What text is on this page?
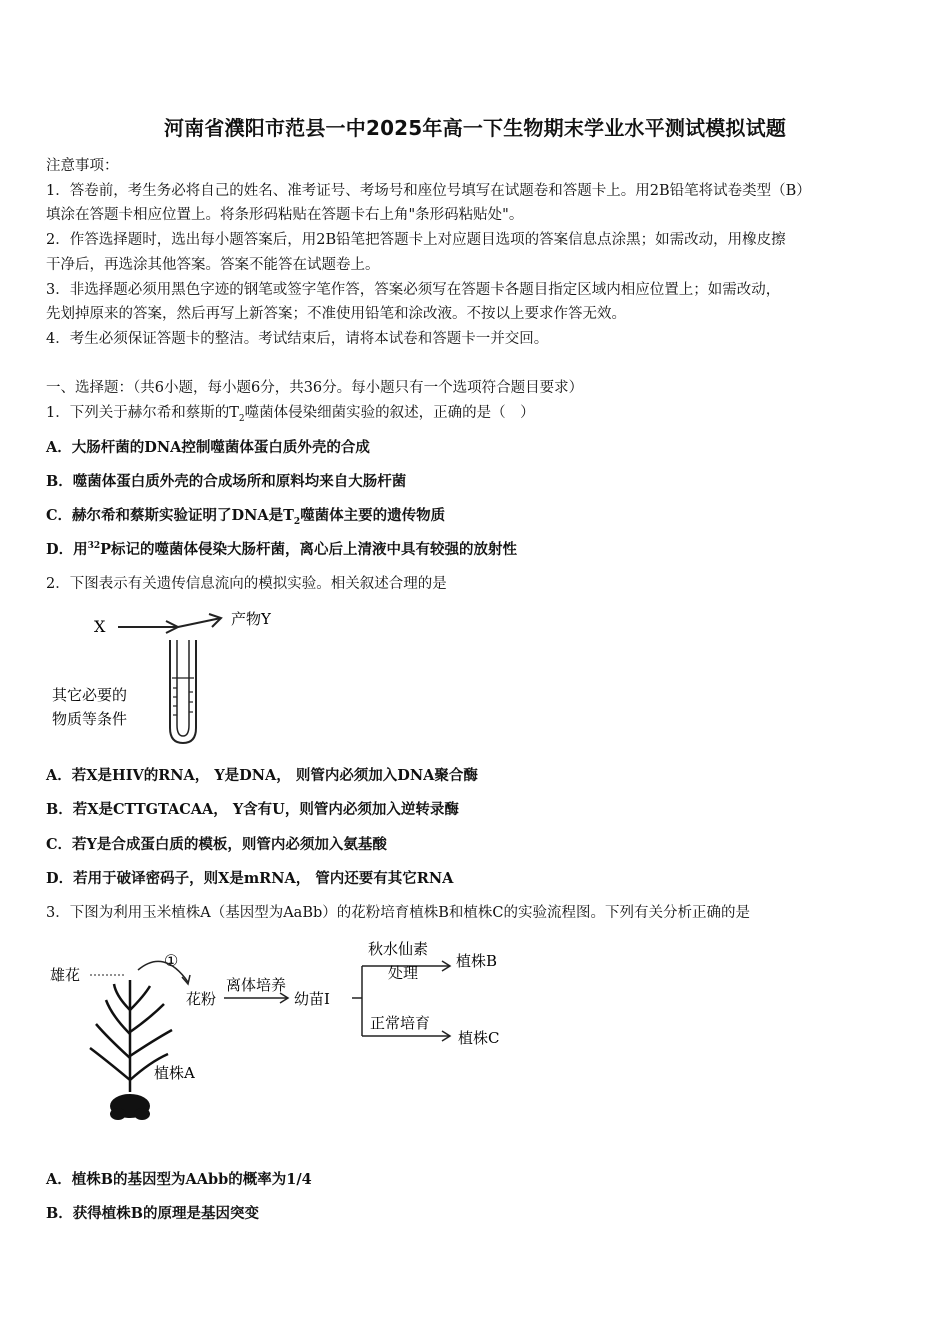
河南省濮阳市范县一中2025年高一下生物期末学业水平测试模拟试题
注意事项：
1．答卷前，考生务必将自己的姓名、准考证号、考场号和座位号填写在试题卷和答题卡上。用2B铅笔将试卷类型（B）
填涂在答题卡相应位置上。将条形码粘贴在答题卡右上角"条形码粘贴处"。
2．作答选择题时，选出每小题答案后，用2B铅笔把答题卡上对应题目选项的答案信息点涂黑；如需改动，用橡皮擦
干净后，再选涂其他答案。答案不能答在试题卷上。
3．非选择题必须用黑色字迹的钢笔或签字笔作答，答案必须写在答题卡各题目指定区域内相应位置上；如需改动，
先划掉原来的答案，然后再写上新答案；不准使用铅笔和涂改液。不按以上要求作答无效。
4．考生必须保证答题卡的整洁。考试结束后，请将本试卷和答题卡一并交回。
一、选择题：（共6小题，每小题6分，共36分。每小题只有一个选项符合题目要求）
1．下列关于赫尔希和蔡斯的$T_2$噬菌体侵染细菌实验的叙述，正确的是（　）
A．大肠杆菌的DNA控制噬菌体蛋白质外壳的合成
B．噬菌体蛋白质外壳的合成场所和原料均来自大肠杆菌
C．赫尔希和蔡斯实验证明了DNA是$T_2$噬菌体主要的遗传物质
D．用$^{32}$P标记的噬菌体侵染大肠杆菌，离心后上清液中具有较强的放射性
2．下图表示有关遗传信息流向的模拟实验。相关叙述合理的是
X	产物Y
其它必要的
物质等条件
A．若X是HIV的RNA， Y是DNA， 则管内必须加入DNA聚合酶
B．若X是CTTGTACAA， Y含有U，则管内必须加入逆转录酶
C．若Y是合成蛋白质的模板，则管内必须加入氨基酸
D．若用于破译密码子，则X是mRNA， 管内还要有其它RNA
3．下图为利用玉米植株A（基因型为AaBb）的花粉培育植株B和植株C的实验流程图。下列有关分析正确的是
雄花
①
花粉
离体培养
幼苗Ⅰ
秋水仙素
处理
植株B
正常培育
植株C
植株A
A．植株B的基因型为AAbb的概率为1/4
B．获得植株B的原理是基因突变
